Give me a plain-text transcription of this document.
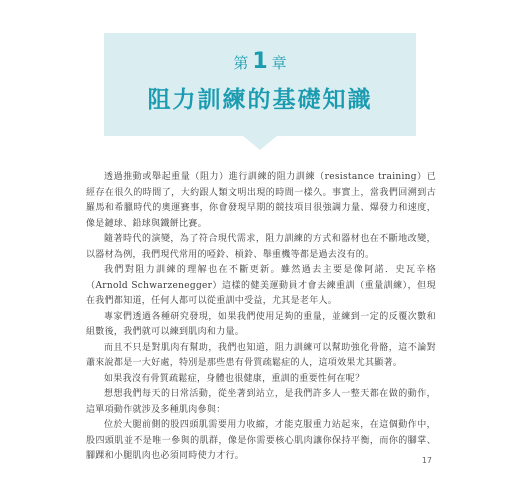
第 1 章
阻力訓練的基礎知識

透過推動或舉起重量（阻力）進行訓練的阻力訓練（resistance training）已經存在很久的時間了，大約跟人類文明出現的時間一樣久。事實上，當我們回溯到古羅馬和希臘時代的奧運賽事，你會發現早期的競技項目很強調力量、爆發力和速度，像是鏈球、鉛球與鐵餅比賽。

隨著時代的演變，為了符合現代需求，阻力訓練的方式和器材也在不斷地改變，以器材為例，我們現代常用的啞鈴、槓鈴、舉重機等都是過去沒有的。

我們對阻力訓練的理解也在不斷更新。雖然過去主要是像阿諾．史瓦辛格（Arnold Schwarzenegger）這樣的健美運動員才會去練重訓（重量訓練），但現在我們都知道，任何人都可以從重訓中受益，尤其是老年人。

專家們透過各種研究發現，如果我們使用足夠的重量，並練到一定的反覆次數和組數後，我們就可以練到肌肉和力量。

而且不只是對肌肉有幫助，我們也知道，阻力訓練可以幫助強化骨骼，這不論對蕭來說都是一大好處，特別是那些患有骨質疏鬆症的人，這項效果尤其顯著。

如果我沒有骨質疏鬆症，身體也很健康，重訓的重要性何在呢？

想想我們每天的日常活動，從坐著到站立，是我們許多人一整天都在做的動作，這單項動作就涉及多種肌肉參與：

位於大腿前側的股四頭肌需要用力收縮，才能克服重力站起來，在這個動作中，股四頭肌並不是唯一參與的肌群，像是你需要核心肌肉讓你保持平衡，而你的腳掌、腳踝和小腿肌肉也必須同時使力才行。	17
